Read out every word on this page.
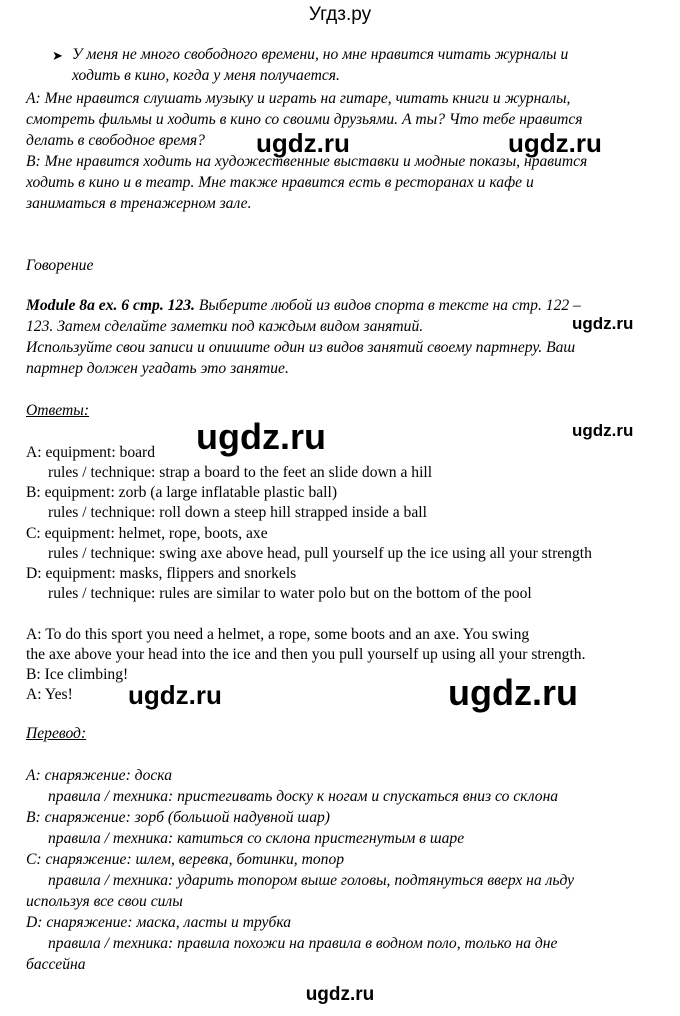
Угдз.ру
➤ У меня не много свободного времени, но мне нравится читать журналы и
ходить в кино, когда у меня получается.
A: Мне нравится слушать музыку и играть на гитаре, читать книги и журналы,
смотреть фильмы и ходить в кино со своими друзьями. А ты? Что тебе нравится
делать в свободное время?
B: Мне нравится ходить на художественные выставки и модные показы, нравится
ходить в кино и в театр. Мне также нравится есть в ресторанах и кафе и
заниматься в тренажерном зале.
ugdz.ru	ugdz.ru
Говорение
Module 8a ex. 6 стр. 123. Выберите любой из видов спорта в тексте на стр. 122 –
123. Затем сделайте заметки под каждым видом занятий.
Используйте свои записи и опишите один из видов занятий своему партнеру. Ваш
партнер должен угадать это занятие.
ugdz.ru
Ответы:
A: equipment: board
rules / technique: strap a board to the feet an slide down a hill
B: equipment: zorb (a large inflatable plastic ball)
rules / technique: roll down a steep hill strapped inside a ball
C: equipment: helmet, rope, boots, axe
rules / technique: swing axe above head, pull yourself up the ice using all your strength
D: equipment: masks, flippers and snorkels
rules / technique: rules are similar to water polo but on the bottom of the pool
ugdz.ru	ugdz.ru
A: To do this sport you need a helmet, a rope, some boots and an axe. You swing
the axe above your head into the ice and then you pull yourself up using all your strength.
B: Ice climbing!
A: Yes! ugdz.ru	ugdz.ru
Перевод:
A: снаряжение: доска
правила / техника: пристегивать доску к ногам и спускаться вниз со склона
B: снаряжение: зорб (большой надувной шар)
правила / техника: катиться со склона пристегнутым в шаре
C: снаряжение: шлем, веревка, ботинки, топор
правила / техника: ударить топором выше головы, подтянуться вверх на льду
используя все свои силы
D: снаряжение: маска, ласты и трубка
правила / техника: правила похожи на правила в водном поло, только на дне
бассейна
ugdz.ru
